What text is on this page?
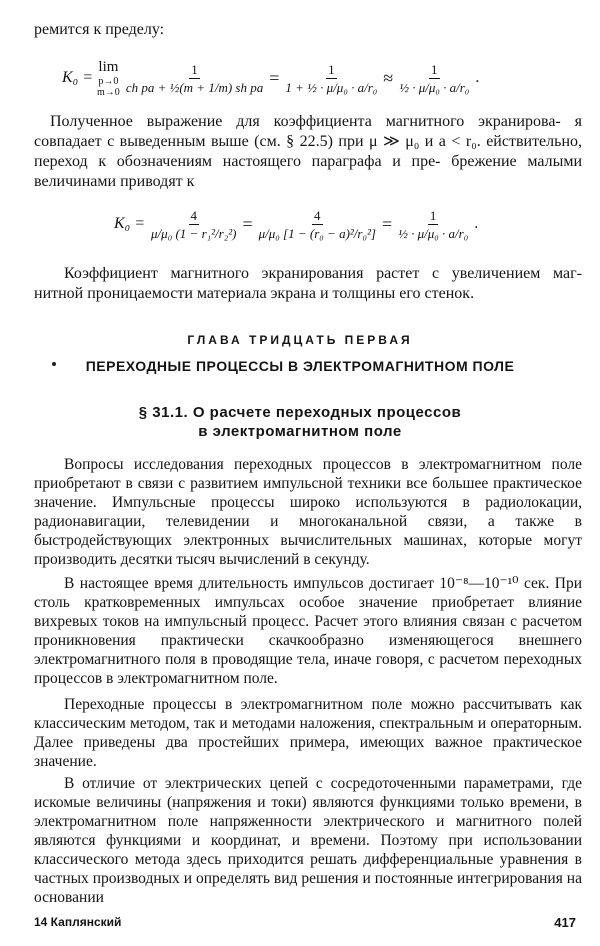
ремится к пределу:

K₀ =
lim
p→0
$m\to 0 \frac{1}{\text{ch pa + ½(m + 1/m) sh pa}} = \frac{1}{\text{1 + ½ · μ/μ₀ · a/r₀}} \approx \frac{1}{\text{½ · μ/μ₀ · a/r₀}}$ .

Полученное выражение для коэффициента магнитного экранирова- я совпадает с выведенным выше (см. § 22.5) при μ ≫ μ₀ и a < r₀. ействительно, переход к обозначениям настоящего параграфа и пре- брежение малыми величинами приводят к

$K_0 = \frac{4}{\text{μ/μ₀ (1 − r₁²/r₂²)}} = \frac{4}{\text{μ/μ₀ [1 − (r₀ − a)²/r₀²]}} = \frac{1}{\text{½ · μ/μ₀ · a/r₀}}$ .

Коэффициент магнитного экранирования растет с увеличением маг- нитной проницаемости материала экрана и толщины его стенок.

ГЛАВА ТРИДЦАТЬ ПЕРВАЯ
ПЕРЕХОДНЫЕ ПРОЦЕССЫ В ЭЛЕКТРОМАГНИТНОМ ПОЛЕ
§ 31.1. О расчете переходных процессов
в электромагнитном поле

Вопросы исследования переходных процессов в электромагнитном поле приобретают в связи с развитием импульсной техники все большее практическое значение. Импульсные процессы широко используются в радиолокации, радионавигации, телевидении и многоканальной связи, а также в быстродействующих электронных вычислительных машинах, которые могут производить десятки тысяч вычислений в секунду.

В настоящее время длительность импульсов достигает 10⁻⁸—10⁻¹⁰ сек. При столь кратковременных импульсах особое значение приобретает влияние вихревых токов на импульсный процесс. Расчет этого влияния связан с расчетом проникновения практически скачкообразно изменяющегося внешнего электромагнитного поля в проводящие тела, иначе говоря, с расчетом переходных процессов в электромагнитном поле.

Переходные процессы в электромагнитном поле можно рассчитывать как классическим методом, так и методами наложения, спектральным и операторным. Далее приведены два простейших примера, имеющих важное практическое значение.

В отличие от электрических цепей с сосредоточенными параметрами, где искомые величины (напряжения и токи) являются функциями только времени, в электромагнитном поле напряженности электрического и магнитного полей являются функциями и координат, и времени. Поэтому при использовании классического метода здесь приходится решать дифференциальные уравнения в частных производных и определять вид решения и постоянные интегрирования на основании

14 Каплянский	417
